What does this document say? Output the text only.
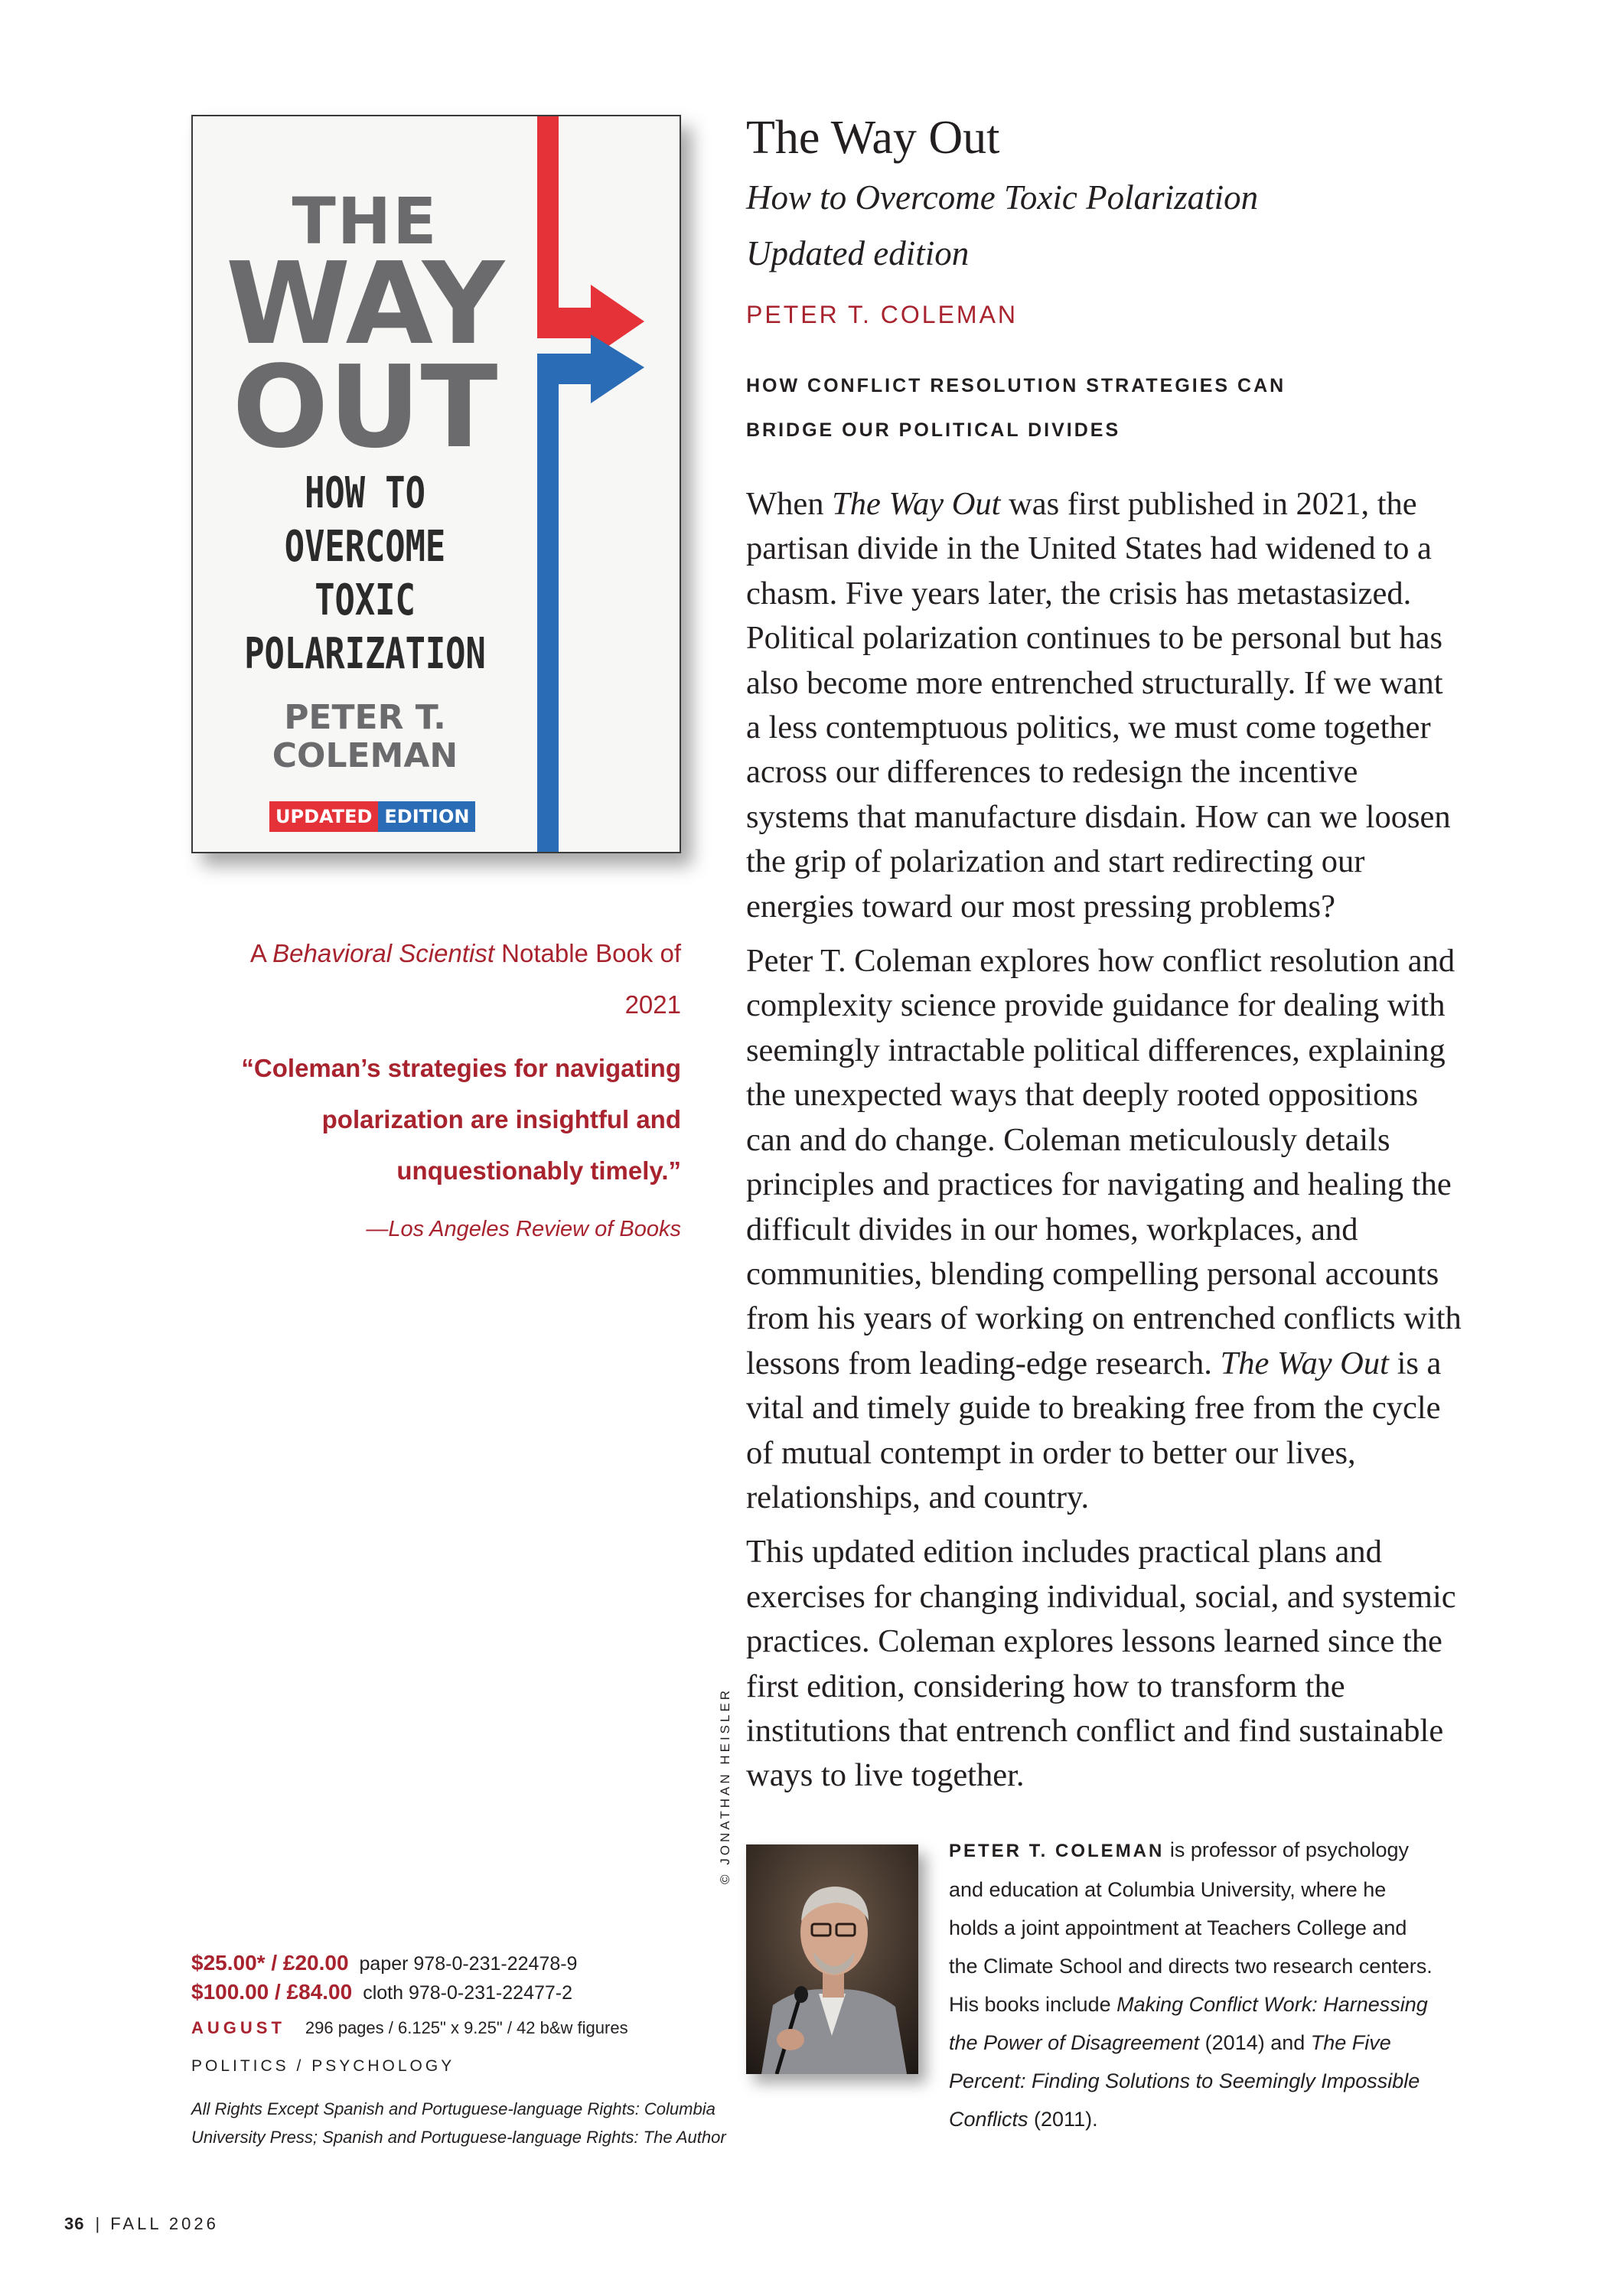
THE
WAY
OUT
HOW TO
OVERCOME
TOXIC
POLARIZATION
PETER T.
COLEMAN
UPDATED EDITION
A Behavioral Scientist Notable Book of 2021
“Coleman’s strategies for navigating polarization are insightful and unquestionably timely.”
—Los Angeles Review of Books
$25.00* / £20.00 paper 978-0-231-22478-9
$100.00 / £84.00 cloth 978-0-231-22477-2
AUGUST 296 pages / 6.125" x 9.25" / 42 b&w figures
POLITICS / PSYCHOLOGY
All Rights Except Spanish and Portuguese-language Rights: Columbia University Press; Spanish and Portuguese-language Rights: The Author
36 | FALL 2026
The Way Out
How to Overcome Toxic Polarization
Updated edition
PETER T. COLEMAN
HOW CONFLICT RESOLUTION STRATEGIES CAN
BRIDGE OUR POLITICAL DIVIDES

When The Way Out was first published in 2021, the partisan divide in the United States had widened to a chasm. Five years later, the crisis has metastasized. Political polarization continues to be personal but has also become more entrenched structurally. If we want a less contemptuous politics, we must come together across our differences to redesign the incentive systems that manufacture disdain. How can we loosen the grip of polarization and start redirecting our energies toward our most pressing problems?

Peter T. Coleman explores how conflict resolution and complexity science provide guidance for dealing with seemingly intractable political differences, explaining the unexpected ways that deeply rooted oppositions can and do change. Coleman meticulously details principles and practices for navigating and healing the difficult divides in our homes, workplaces, and communities, blending compelling personal accounts from his years of working on entrenched conflicts with lessons from leading-edge research. The Way Out is a vital and timely guide to breaking free from the cycle of mutual contempt in order to better our lives, relationships, and country.

This updated edition includes practical plans and exercises for changing individual, social, and systemic practices. Coleman explores lessons learned since the first edition, considering how to transform the institutions that entrench conflict and find sustainable ways to live together.

© JONATHAN HEISLER	PETER T. COLEMAN is professor of psychology and education at Columbia University, where he holds a joint appointment at Teachers College and the Climate School and directs two research centers. His books include Making Conflict Work: Harnessing the Power of Disagreement (2014) and The Five Percent: Finding Solutions to Seemingly Impossible Conflicts (2011).
